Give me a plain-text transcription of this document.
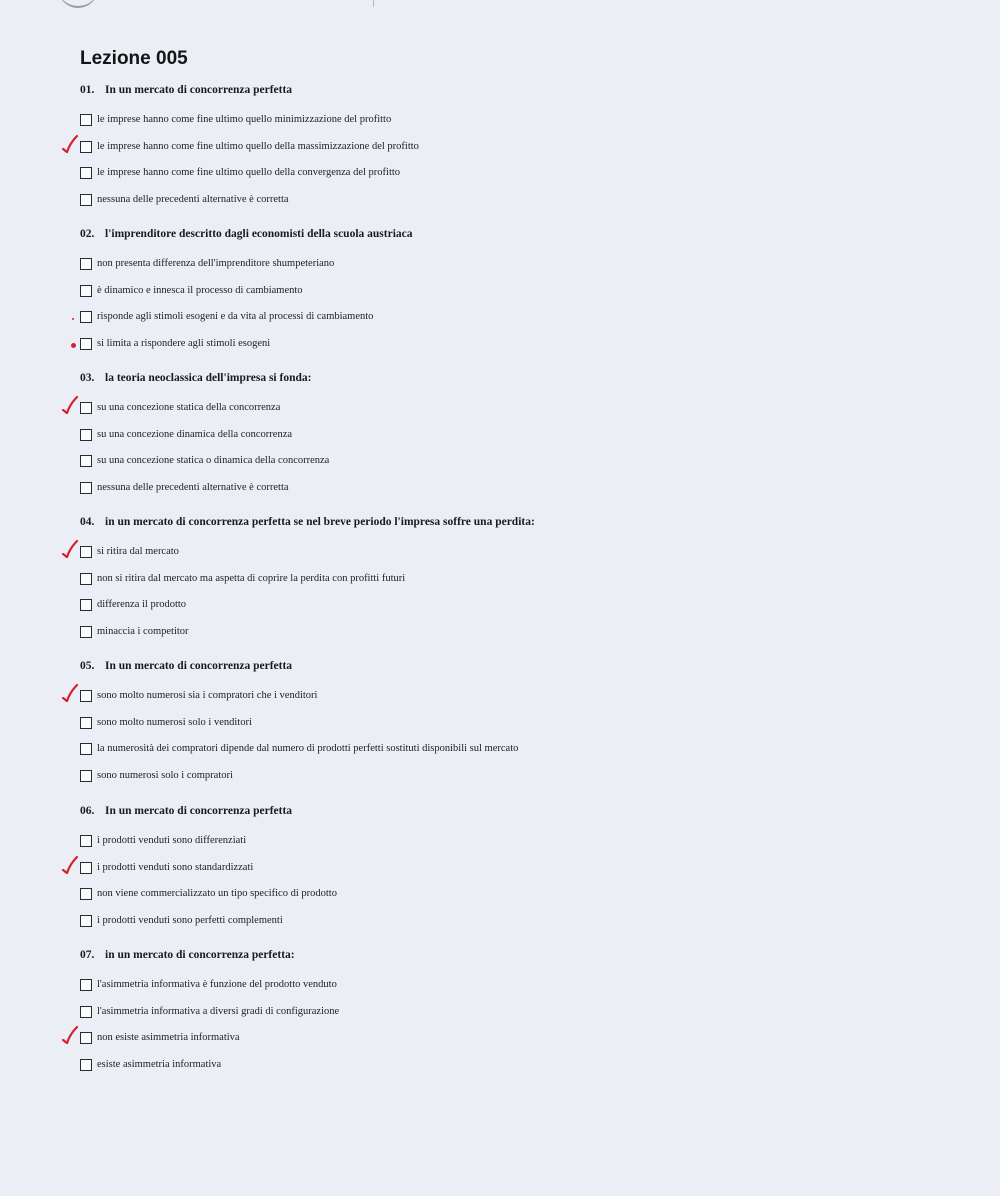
Lezione 005
01. In un mercato di concorrenza perfetta
le imprese hanno come fine ultimo quello minimizzazione del profitto
le imprese hanno come fine ultimo quello della massimizzazione del profitto
le imprese hanno come fine ultimo quello della convergenza del profitto
nessuna delle precedenti alternative è corretta
02. l'imprenditore descritto dagli economisti della scuola austriaca
non presenta differenza dell'imprenditore shumpeteriano
è dinamico e innesca il processo di cambiamento
risponde agli stimoli esogeni e da vita al processi di cambiamento
si limita a rispondere agli stimoli esogeni
03. la teoria neoclassica dell'impresa si fonda:
su una concezione statica della concorrenza
su una concezione dinamica della concorrenza
su una concezione statica o dinamica della concorrenza
nessuna delle precedenti alternative è corretta
04. in un mercato di concorrenza perfetta se nel breve periodo l'impresa soffre una perdita:
si ritira dal mercato
non si ritira dal mercato ma aspetta di coprire la perdita con profitti futuri
differenza il prodotto
minaccia i competitor
05. In un mercato di concorrenza perfetta
sono molto numerosi sia i compratori che i venditori
sono molto numerosi solo i venditori
la numerosità dei compratori dipende dal numero di prodotti perfetti sostituti disponibili sul mercato
sono numerosi solo i compratori
06. In un mercato di concorrenza perfetta
i prodotti venduti sono differenziati
i prodotti venduti sono standardizzati
non viene commercializzato un tipo specifico di prodotto
i prodotti venduti sono perfetti complementi
07. in un mercato di concorrenza perfetta:
l'asimmetria informativa è funzione del prodotto venduto
l'asimmetria informativa a diversi gradi di configurazione
non esiste asimmetria informativa
esiste asimmetria informativa
